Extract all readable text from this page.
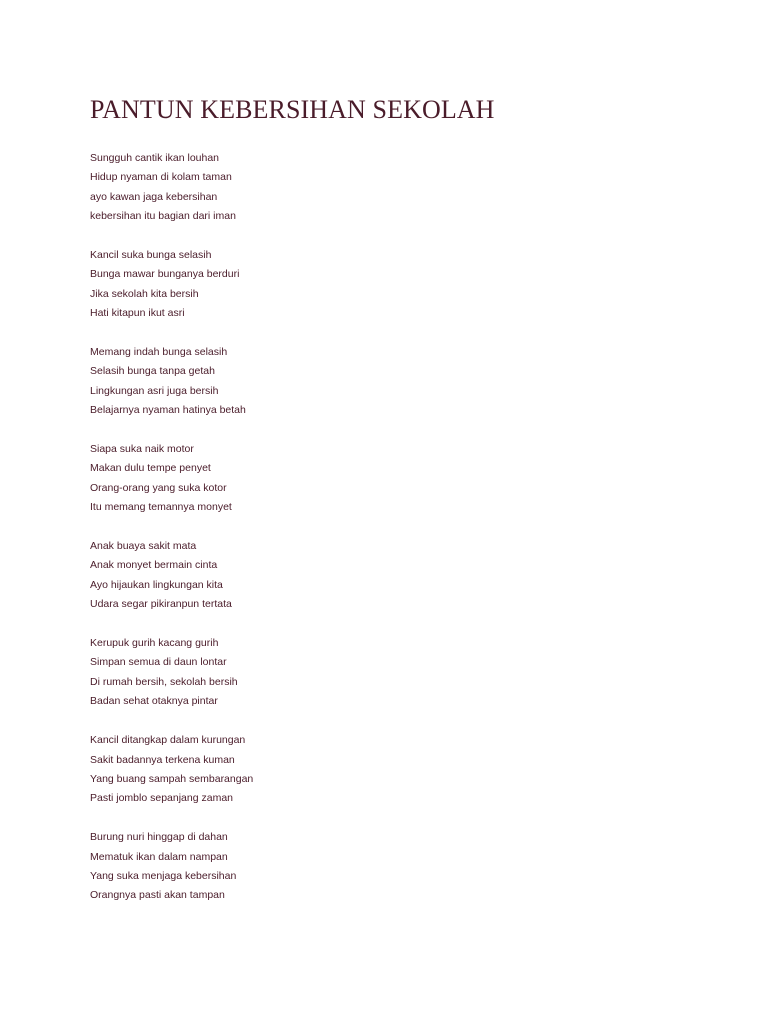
PANTUN KEBERSIHAN SEKOLAH
Sungguh cantik ikan louhan
Hidup nyaman di kolam taman
ayo kawan jaga kebersihan
kebersihan itu bagian dari iman
Kancil suka bunga selasih
Bunga mawar bunganya berduri
Jika sekolah kita bersih
Hati kitapun ikut asri
Memang indah bunga selasih
Selasih bunga tanpa getah
Lingkungan asri juga bersih
Belajarnya nyaman hatinya betah
Siapa suka naik motor
Makan dulu tempe penyet
Orang-orang yang suka kotor
Itu memang temannya monyet
Anak buaya sakit mata
Anak monyet bermain cinta
Ayo hijaukan lingkungan kita
Udara segar pikiranpun tertata
Kerupuk gurih kacang gurih
Simpan semua di daun lontar
Di rumah bersih, sekolah bersih
Badan sehat otaknya pintar
Kancil ditangkap dalam kurungan
Sakit badannya terkena kuman
Yang buang sampah sembarangan
Pasti jomblo sepanjang zaman
Burung nuri hinggap di dahan
Mematuk ikan dalam nampan
Yang suka menjaga kebersihan
Orangnya pasti akan tampan
